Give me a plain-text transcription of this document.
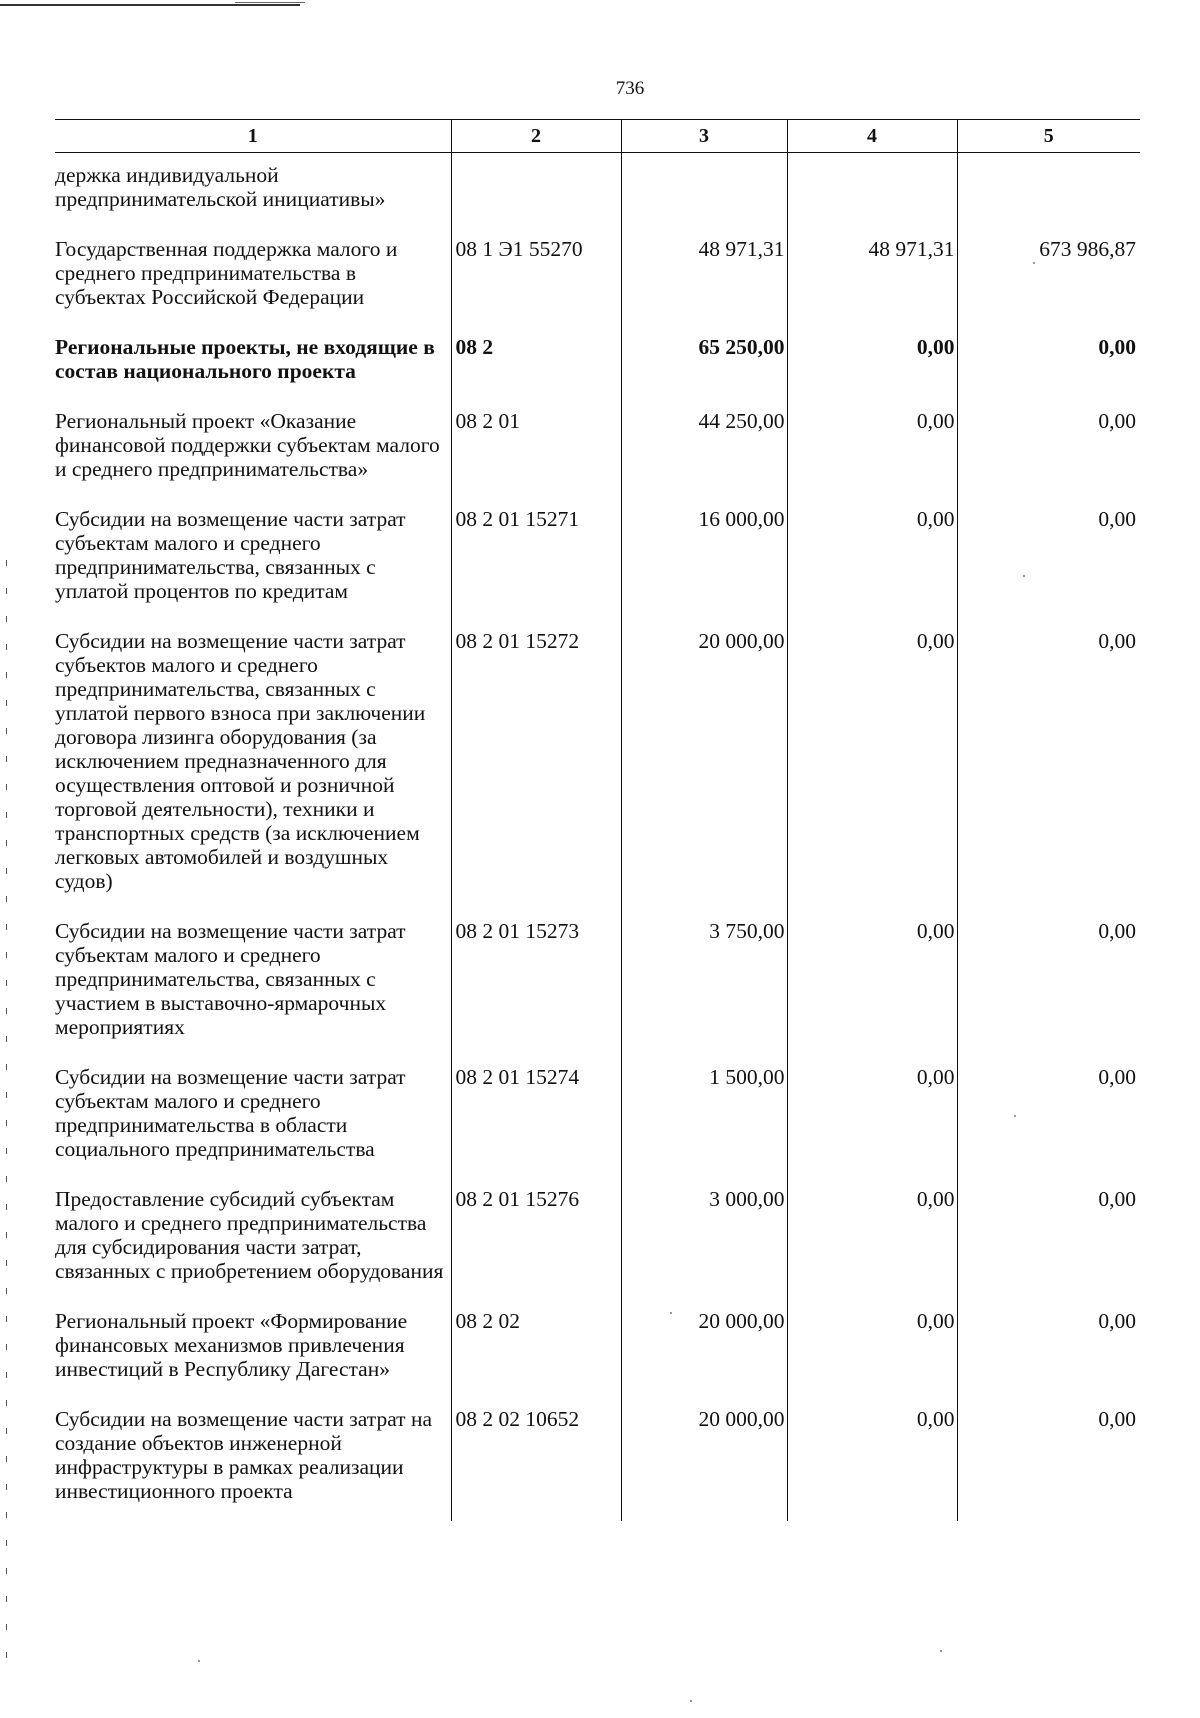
736
1	2	3	4	5
держка индивидуальной предпринимательской инициативы»				
Государственная поддержка малого и среднего предпринимательства в субъектах Российской Федерации	08 1 Э1 55270	48 971,31	48 971,31	673 986,87
Региональные проекты, не входящие в состав национального проекта	08 2	65 250,00	0,00	0,00
Региональный проект «Оказание финансовой поддержки субъектам малого и среднего предпринимательства»	08 2 01	44 250,00	0,00	0,00
Субсидии на возмещение части затрат субъектам малого и среднего предпринимательства, связанных с уплатой процентов по кредитам	08 2 01 15271	16 000,00	0,00	0,00
Субсидии на возмещение части затрат субъектов малого и среднего предпринимательства, связанных с уплатой первого взноса при заключении договора лизинга оборудования (за исключением предназначенного для осуществления оптовой и розничной торговой деятельности), техники и транспортных средств (за исключением легковых автомобилей и воздушных судов)	08 2 01 15272	20 000,00	0,00	0,00
Субсидии на возмещение части затрат субъектам малого и среднего предпринимательства, связанных с участием в выставочно-ярмарочных мероприятиях	08 2 01 15273	3 750,00	0,00	0,00
Субсидии на возмещение части затрат субъектам малого и среднего предпринимательства в области социального предпринимательства	08 2 01 15274	1 500,00	0,00	0,00
Предоставление субсидий субъектам малого и среднего предпринимательства для субсидирования части затрат, связанных с приобретением оборудования	08 2 01 15276	3 000,00	0,00	0,00
Региональный проект «Формирование финансовых механизмов привлечения инвестиций в Республику Дагестан»	08 2 02	20 000,00	0,00	0,00
Субсидии на возмещение части затрат на создание объектов инженерной инфраструктуры в рамках реализации инвестиционного проекта	08 2 02 10652	20 000,00	0,00	0,00
